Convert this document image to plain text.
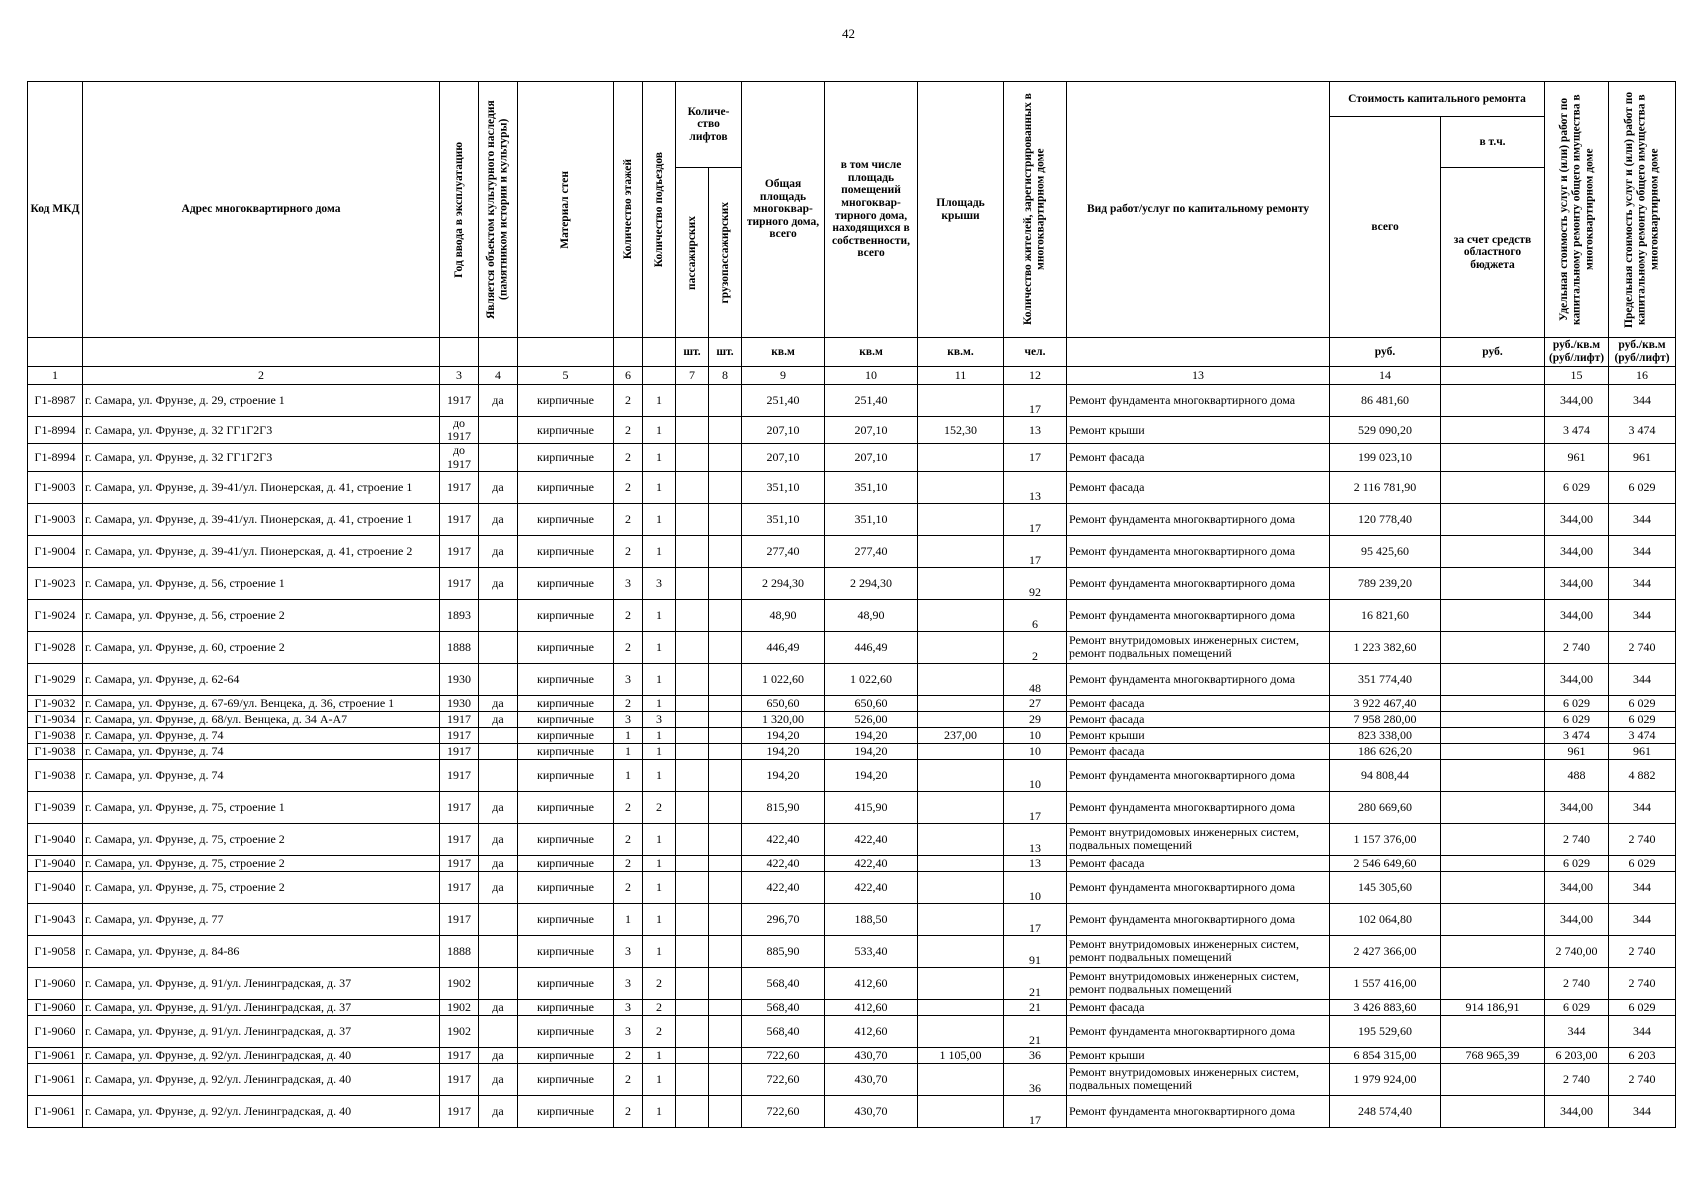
42
Код МКД	Адрес многоквартирного дома	Год ввода в эксплуатацию	Является объектом культурного наследия (памятником истории и культуры)	Материал стен	Количество этажей	Количество подъездов	Количе-ство лифтов		Общая площадь многоквар-тирного дома, всего	в том числе площадь помещений многоквар-тирного дома, находящихся в собственности, всего	Площадь крыши	Количество жителей, зарегистрированных в многоквартирном доме	Вид работ/услуг по капитальному ремонту	Стоимость капитального ремонта		Удельная стоимость услуг и (или) работ по капитальному ремонту общего имущества в многоквартирном доме	Предельная стоимость услуг и (или) работ по капитальному ремонту общего имущества в многоквартирном доме

														всего	в т.ч.		

							пассажирских	грузопассажирских							за счет средств областного бюджета		
							шт.	шт.	кв.м	кв.м	кв.м.	чел.		руб.	руб.	руб./кв.м (руб/лифт)	руб./кв.м (руб/лифт)
1	2	3	4	5	6		7	8	9	10	11	12	13	14		15	16
Г1-8987	г. Самара, ул. Фрунзе, д. 29, строение 1	1917	да	кирпичные	2	1			251,40	251,40		17	Ремонт фундамента многоквартирного дома	86 481,60		344,00	344
Г1-8994	г. Самара, ул. Фрунзе, д. 32 ГГ1Г2Г3	до 1917		кирпичные	2	1			207,10	207,10	152,30	13	Ремонт крыши	529 090,20		3 474	3 474
Г1-8994	г. Самара, ул. Фрунзе, д. 32 ГГ1Г2Г3	до 1917		кирпичные	2	1			207,10	207,10		17	Ремонт фасада	199 023,10		961	961
Г1-9003	г. Самара, ул. Фрунзе, д. 39-41/ул. Пионерская, д. 41, строение 1	1917	да	кирпичные	2	1			351,10	351,10		13	Ремонт фасада	2 116 781,90		6 029	6 029
Г1-9003	г. Самара, ул. Фрунзе, д. 39-41/ул. Пионерская, д. 41, строение 1	1917	да	кирпичные	2	1			351,10	351,10		17	Ремонт фундамента многоквартирного дома	120 778,40		344,00	344
Г1-9004	г. Самара, ул. Фрунзе, д. 39-41/ул. Пионерская, д. 41, строение 2	1917	да	кирпичные	2	1			277,40	277,40		17	Ремонт фундамента многоквартирного дома	95 425,60		344,00	344
Г1-9023	г. Самара, ул. Фрунзе, д. 56, строение 1	1917	да	кирпичные	3	3			2 294,30	2 294,30		92	Ремонт фундамента многоквартирного дома	789 239,20		344,00	344
Г1-9024	г. Самара, ул. Фрунзе, д. 56, строение 2	1893		кирпичные	2	1			48,90	48,90		6	Ремонт фундамента многоквартирного дома	16 821,60		344,00	344
Г1-9028	г. Самара, ул. Фрунзе, д. 60, строение 2	1888		кирпичные	2	1			446,49	446,49		2	Ремонт внутридомовых инженерных систем, ремонт подвальных помещений	1 223 382,60		2 740	2 740
Г1-9029	г. Самара, ул. Фрунзе, д. 62-64	1930		кирпичные	3	1			1 022,60	1 022,60		48	Ремонт фундамента многоквартирного дома	351 774,40		344,00	344
Г1-9032	г. Самара, ул. Фрунзе, д. 67-69/ул. Венцека, д. 36, строение 1	1930	да	кирпичные	2	1			650,60	650,60		27	Ремонт фасада	3 922 467,40		6 029	6 029
Г1-9034	г. Самара, ул. Фрунзе, д. 68/ул. Венцека, д. 34 А-А7	1917	да	кирпичные	3	3			1 320,00	526,00		29	Ремонт фасада	7 958 280,00		6 029	6 029
Г1-9038	г. Самара, ул. Фрунзе, д. 74	1917		кирпичные	1	1			194,20	194,20	237,00	10	Ремонт крыши	823 338,00		3 474	3 474
Г1-9038	г. Самара, ул. Фрунзе, д. 74	1917		кирпичные	1	1			194,20	194,20		10	Ремонт фасада	186 626,20		961	961
Г1-9038	г. Самара, ул. Фрунзе, д. 74	1917		кирпичные	1	1			194,20	194,20		10	Ремонт фундамента многоквартирного дома	94 808,44		488	4 882
Г1-9039	г. Самара, ул. Фрунзе, д. 75, строение 1	1917	да	кирпичные	2	2			815,90	415,90		17	Ремонт фундамента многоквартирного дома	280 669,60		344,00	344
Г1-9040	г. Самара, ул. Фрунзе, д. 75, строение 2	1917	да	кирпичные	2	1			422,40	422,40		13	Ремонт внутридомовых инженерных систем, подвальных помещений	1 157 376,00		2 740	2 740
Г1-9040	г. Самара, ул. Фрунзе, д. 75, строение 2	1917	да	кирпичные	2	1			422,40	422,40		13	Ремонт фасада	2 546 649,60		6 029	6 029
Г1-9040	г. Самара, ул. Фрунзе, д. 75, строение 2	1917	да	кирпичные	2	1			422,40	422,40		10	Ремонт фундамента многоквартирного дома	145 305,60		344,00	344
Г1-9043	г. Самара, ул. Фрунзе, д. 77	1917		кирпичные	1	1			296,70	188,50		17	Ремонт фундамента многоквартирного дома	102 064,80		344,00	344
Г1-9058	г. Самара, ул. Фрунзе, д. 84-86	1888		кирпичные	3	1			885,90	533,40		91	Ремонт внутридомовых инженерных систем, ремонт подвальных помещений	2 427 366,00		2 740,00	2 740
Г1-9060	г. Самара, ул. Фрунзе, д. 91/ул. Ленинградская, д. 37	1902		кирпичные	3	2			568,40	412,60		21	Ремонт внутридомовых инженерных систем, ремонт подвальных помещений	1 557 416,00		2 740	2 740
Г1-9060	г. Самара, ул. Фрунзе, д. 91/ул. Ленинградская, д. 37	1902	да	кирпичные	3	2			568,40	412,60		21	Ремонт фасада	3 426 883,60	914 186,91	6 029	6 029
Г1-9060	г. Самара, ул. Фрунзе, д. 91/ул. Ленинградская, д. 37	1902		кирпичные	3	2			568,40	412,60		21	Ремонт фундамента многоквартирного дома	195 529,60		344	344
Г1-9061	г. Самара, ул. Фрунзе, д. 92/ул. Ленинградская, д. 40	1917	да	кирпичные	2	1			722,60	430,70	1 105,00	36	Ремонт крыши	6 854 315,00	768 965,39	6 203,00	6 203
Г1-9061	г. Самара, ул. Фрунзе, д. 92/ул. Ленинградская, д. 40	1917	да	кирпичные	2	1			722,60	430,70		36	Ремонт внутридомовых инженерных систем, подвальных помещений	1 979 924,00		2 740	2 740
Г1-9061	г. Самара, ул. Фрунзе, д. 92/ул. Ленинградская, д. 40	1917	да	кирпичные	2	1			722,60	430,70		17	Ремонт фундамента многоквартирного дома	248 574,40		344,00	344
